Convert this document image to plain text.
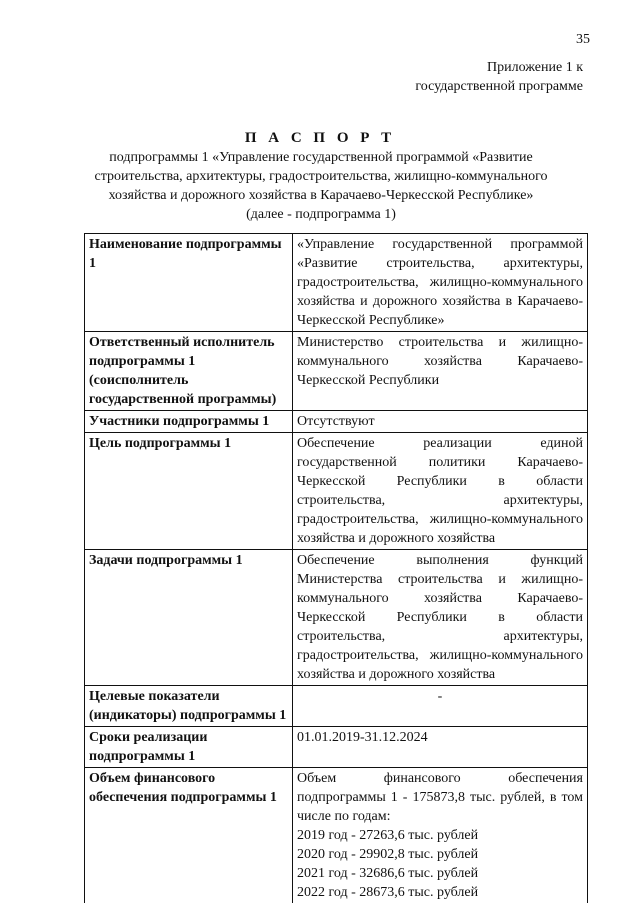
35
Приложение 1 к
государственной программе
П А С П О Р Т
подпрограммы 1 «Управление государственной программой «Развитие строительства, архитектуры, градостроительства, жилищно-коммунального хозяйства и дорожного хозяйства в Карачаево-Черкесской Республике» (далее - подпрограмма 1)
Наименование подпрограммы 1	«Управление государственной программой «Развитие строительства, архитектуры, градостроительства, жилищно-коммунального хозяйства и дорожного хозяйства в Карачаево-Черкесской Республике»
Ответственный исполнитель подпрограммы 1 (соисполнитель государственной программы)	Министерство строительства и жилищно-коммунального хозяйства Карачаево-Черкесской Республики
Участники подпрограммы 1	Отсутствуют
Цель подпрограммы 1	Обеспечение реализации единой государственной политики Карачаево-Черкесской Республики в области строительства, архитектуры, градостроительства, жилищно-коммунального хозяйства и дорожного хозяйства
Задачи подпрограммы 1	Обеспечение выполнения функций Министерства строительства и жилищно-коммунального хозяйства Карачаево-Черкесской Республики в области строительства, архитектуры, градостроительства, жилищно-коммунального хозяйства и дорожного хозяйства
Целевые показатели (индикаторы) подпрограммы 1	-
Сроки реализации подпрограммы 1	01.01.2019-31.12.2024
Объем финансового обеспечения подпрограммы 1	Объем финансового обеспечения подпрограммы 1 - 175873,8 тыс. рублей, в том числе по годам:
2019 год - 27263,6 тыс. рублей
2020 год - 29902,8 тыс. рублей
2021 год - 32686,6 тыс. рублей
2022 год - 28673,6 тыс. рублей
